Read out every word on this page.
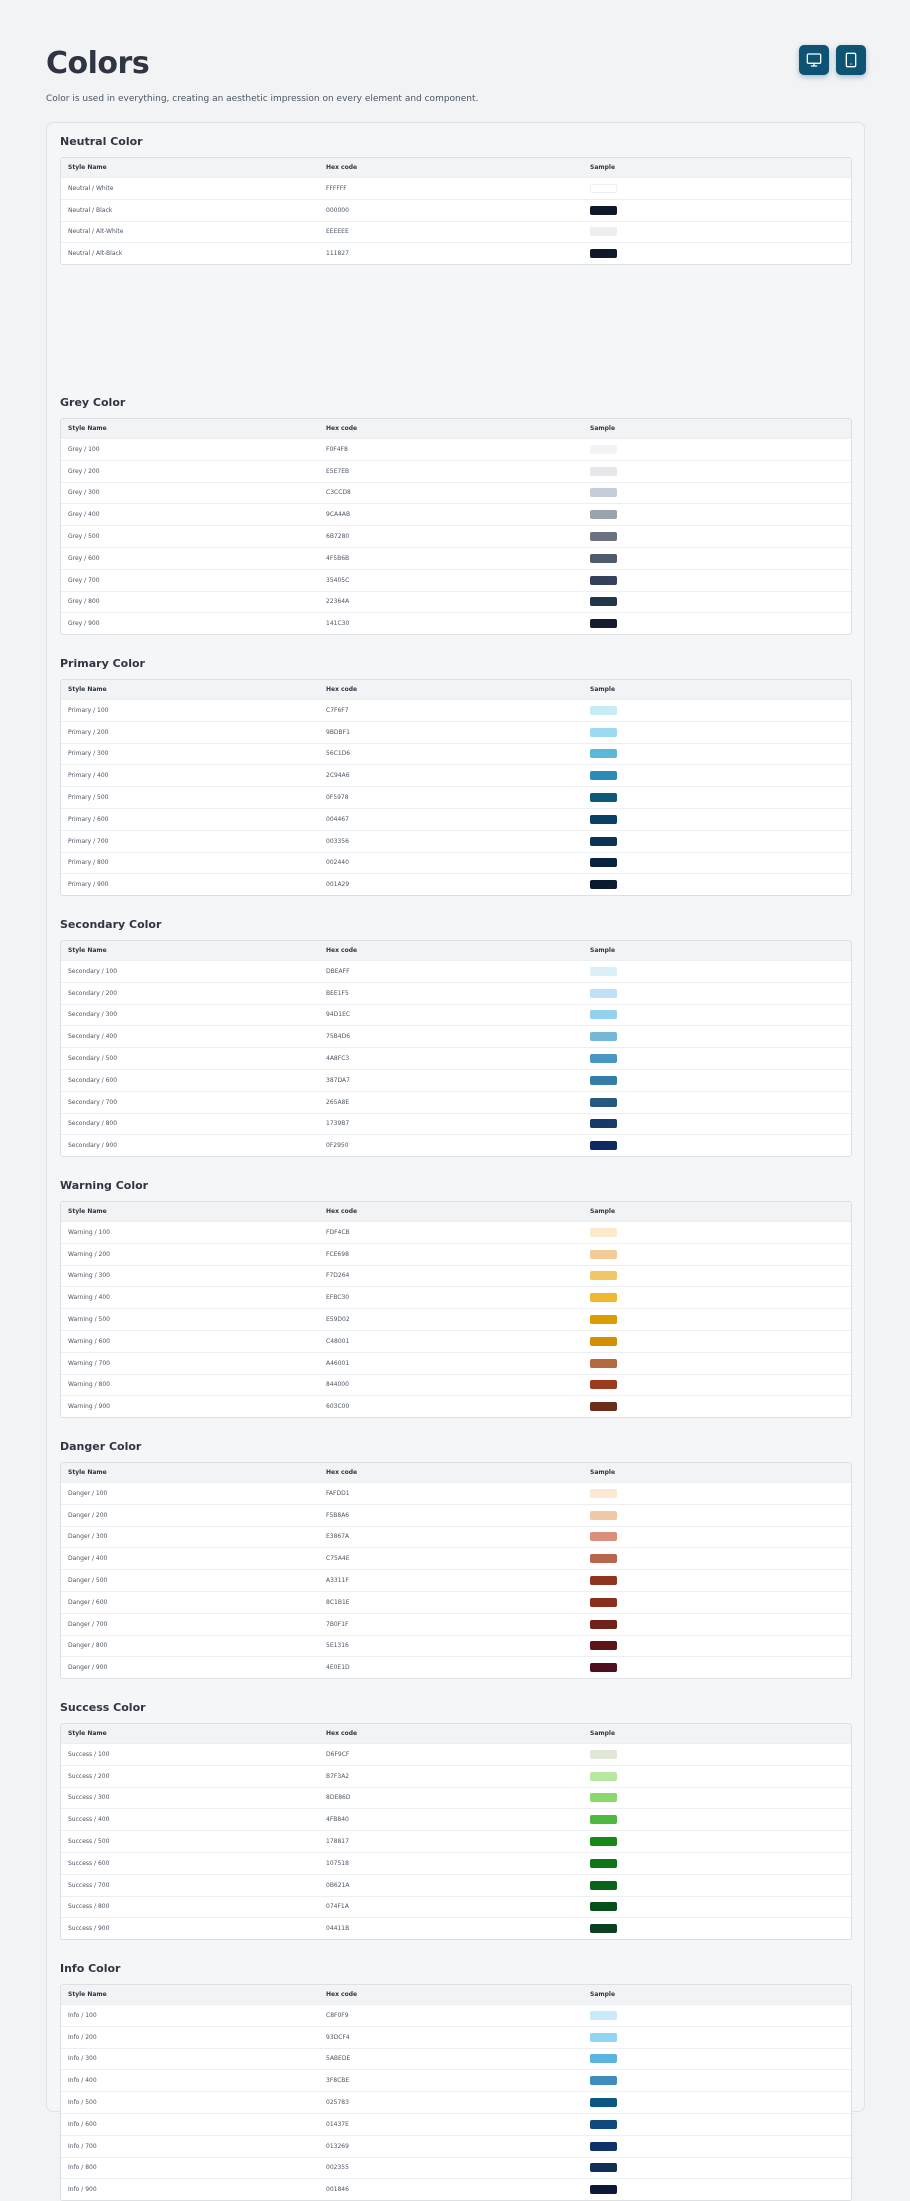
Colors
Color is used in everything, creating an aesthetic impression on every element and component.
Neutral Color
Style Name	Hex code	Sample
Neutral / White	FFFFFF
Neutral / Black	000000
Neutral / Alt-White	EEEEEE
Neutral / Alt-Black	111827
Grey Color
Style Name	Hex code	Sample
Grey / 100	F0F4F8
Grey / 200	E5E7EB
Grey / 300	C3CCD8
Grey / 400	9CA4AB
Grey / 500	6B7280
Grey / 600	4F5B6B
Grey / 700	35405C
Grey / 800	22364A
Grey / 900	141C30
Primary Color
Style Name	Hex code	Sample
Primary / 100	C7F6F7
Primary / 200	9BDBF1
Primary / 300	56C1D6
Primary / 400	2C94A6
Primary / 500	0F5978
Primary / 600	004467
Primary / 700	003356
Primary / 800	002440
Primary / 900	001A29
Secondary Color
Style Name	Hex code	Sample
Secondary / 100	DBEAFF
Secondary / 200	BEE1F5
Secondary / 300	94D1EC
Secondary / 400	75B4D6
Secondary / 500	4A8FC3
Secondary / 600	387DA7
Secondary / 700	265A8E
Secondary / 800	1739B7
Secondary / 900	0F2950
Warning Color
Style Name	Hex code	Sample
Warning / 100	FDF4CB
Warning / 200	FCE698
Warning / 300	F7D264
Warning / 400	EFBC30
Warning / 500	E59D02
Warning / 600	C48001
Warning / 700	A46001
Warning / 800	844000
Warning / 900	603C00
Danger Color
Style Name	Hex code	Sample
Danger / 100	FAFDD1
Danger / 200	F5B8A6
Danger / 300	E3867A
Danger / 400	C75A4E
Danger / 500	A3311F
Danger / 600	8C1B1E
Danger / 700	7B0F1F
Danger / 800	5E1316
Danger / 900	4E0E1D
Success Color
Style Name	Hex code	Sample
Success / 100	D6F9CF
Success / 200	B7F3A2
Success / 300	8DE86D
Success / 400	4FB840
Success / 500	178817
Success / 600	107518
Success / 700	0B621A
Success / 800	074F1A
Success / 900	04411B
Info Color
Style Name	Hex code	Sample
Info / 100	C8F0F9
Info / 200	93DCF4
Info / 300	5ABEDE
Info / 400	3F8CBE
Info / 500	025783
Info / 600	01437E
Info / 700	013269
Info / 800	002355
Info / 900	001846
